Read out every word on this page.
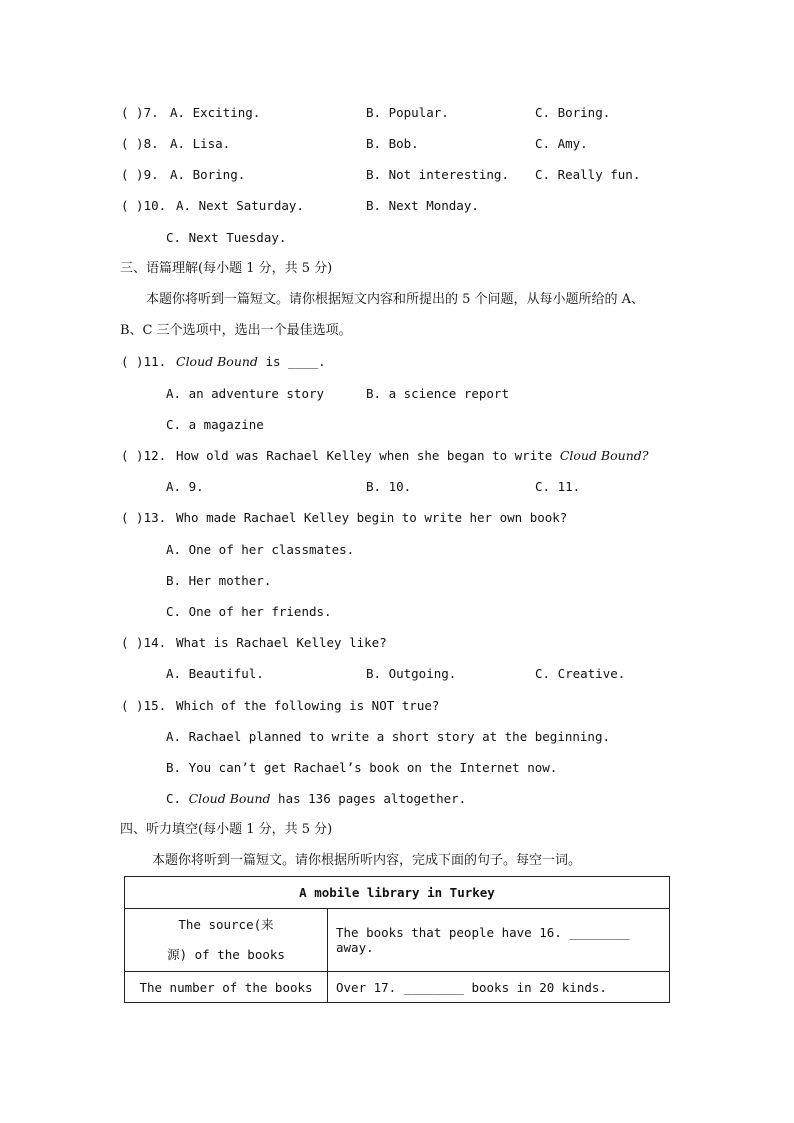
( )7. A. Exciting.	B. Popular.	C. Boring.
( )8. A. Lisa.	B. Bob.	C. Amy.
( )9. A. Boring.	B. Not interesting. C. Really fun.
( )10. A. Next Saturday.	B. Next Monday.
C. Next Tuesday.
三、语篇理解(每小题 1 分，共 5 分)
本题你将听到一篇短文。请你根据短文内容和所提出的 5 个问题，从每小题所给的 A、
B、C 三个选项中，选出一个最佳选项。
( )11. Cloud Bound is ____.
A. an adventure story	B. a science report
C. a magazine
( )12. How old was Rachael Kelley when she began to write Cloud Bound?
A. 9.	B. 10.	C. 11.
( )13. Who made Rachael Kelley begin to write her own book?
A. One of her classmates.
B. Her mother.
C. One of her friends.
( )14. What is Rachael Kelley like?
A. Beautiful.	B. Outgoing.	C. Creative.
( )15. Which of the following is NOT true?
A. Rachael planned to write a short story at the beginning.
B. You can’t get Rachael’s book on the Internet now.
C. Cloud Bound has 136 pages altogether.
四、听力填空(每小题 1 分，共 5 分)
本题你将听到一篇短文。请你根据所听内容，完成下面的句子。每空一词。
A mobile library in Turkey	

The source(来
源) of the books	The books that people have 16. ________ away.
The number of the books	Over 17. ________ books in 20 kinds.
